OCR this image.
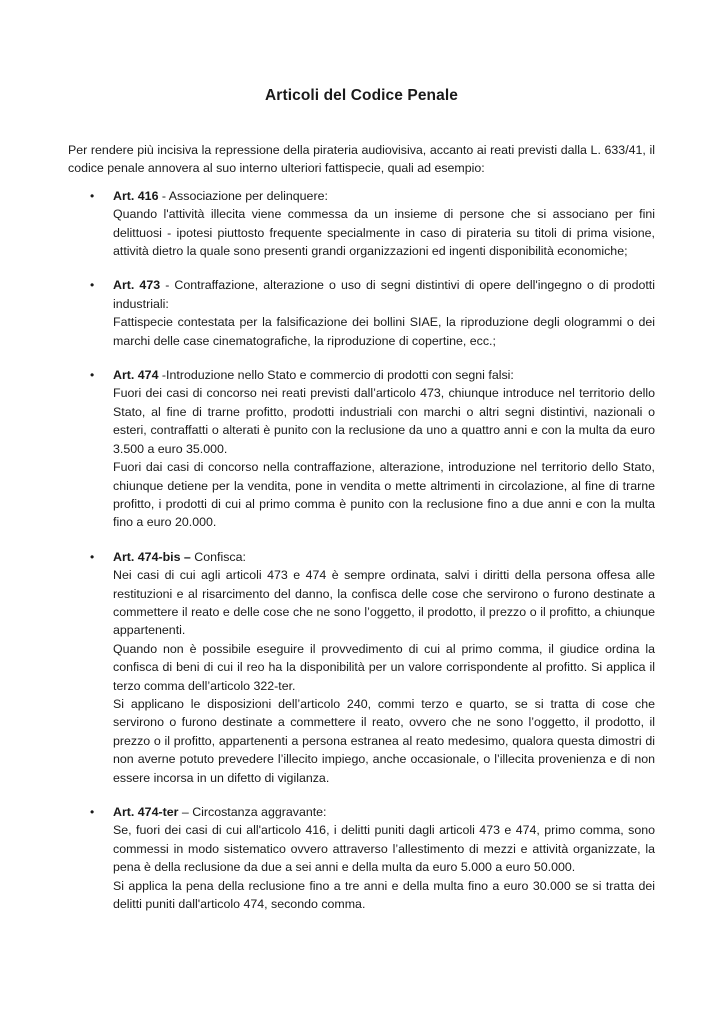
Articoli del Codice Penale

Per rendere più incisiva la repressione della pirateria audiovisiva, accanto ai reati previsti dalla L. 633/41, il codice penale annovera al suo interno ulteriori fattispecie, quali ad esempio:

• Art. 416 - Associazione per delinquere:
Quando l'attività illecita viene commessa da un insieme di persone che si associano per fini delittuosi - ipotesi piuttosto frequente specialmente in caso di pirateria su titoli di prima visione, attività dietro la quale sono presenti grandi organizzazioni ed ingenti disponibilità economiche;
• Art. 473 - Contraffazione, alterazione o uso di segni distintivi di opere dell'ingegno o di prodotti industriali:
Fattispecie contestata per la falsificazione dei bollini SIAE, la riproduzione degli ologrammi o dei marchi delle case cinematografiche, la riproduzione di copertine, ecc.;
• Art. 474 -Introduzione nello Stato e commercio di prodotti con segni falsi:
Fuori dei casi di concorso nei reati previsti dall’articolo 473, chiunque introduce nel territorio dello Stato, al fine di trarne profitto, prodotti industriali con marchi o altri segni distintivi, nazionali o esteri, contraffatti o alterati è punito con la reclusione da uno a quattro anni e con la multa da euro 3.500 a euro 35.000.
Fuori dai casi di concorso nella contraffazione, alterazione, introduzione nel territorio dello Stato, chiunque detiene per la vendita, pone in vendita o mette altrimenti in circolazione, al fine di trarne profitto, i prodotti di cui al primo comma è punito con la reclusione fino a due anni e con la multa fino a euro 20.000.
• Art. 474-bis – Confisca:
Nei casi di cui agli articoli 473 e 474 è sempre ordinata, salvi i diritti della persona offesa alle restituzioni e al risarcimento del danno, la confisca delle cose che servirono o furono destinate a commettere il reato e delle cose che ne sono l’oggetto, il prodotto, il prezzo o il profitto, a chiunque appartenenti.
Quando non è possibile eseguire il provvedimento di cui al primo comma, il giudice ordina la confisca di beni di cui il reo ha la disponibilità per un valore corrispondente al profitto. Si applica il terzo comma dell’articolo 322-ter.
Si applicano le disposizioni dell’articolo 240, commi terzo e quarto, se si tratta di cose che servirono o furono destinate a commettere il reato, ovvero che ne sono l’oggetto, il prodotto, il prezzo o il profitto, appartenenti a persona estranea al reato medesimo, qualora questa dimostri di non averne potuto prevedere l’illecito impiego, anche occasionale, o l’illecita provenienza e di non essere incorsa in un difetto di vigilanza.
• Art. 474-ter – Circostanza aggravante:
Se, fuori dei casi di cui all'articolo 416, i delitti puniti dagli articoli 473 e 474, primo comma, sono commessi in modo sistematico ovvero attraverso l’allestimento di mezzi e attività organizzate, la pena è della reclusione da due a sei anni e della multa da euro 5.000 a euro 50.000.
Si applica la pena della reclusione fino a tre anni e della multa fino a euro 30.000 se si tratta dei delitti puniti dall'articolo 474, secondo comma.
